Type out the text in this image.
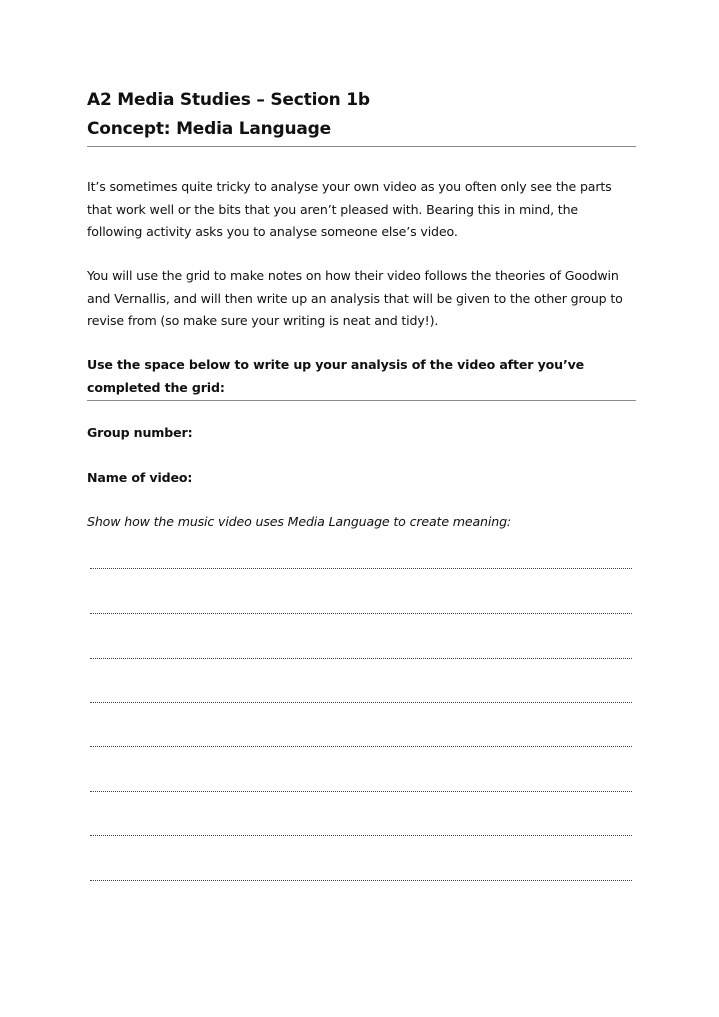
A2 Media Studies – Section 1b

Concept: Media Language

It’s sometimes quite tricky to analyse your own video as you often only see the parts that work well or the bits that you aren’t pleased with. Bearing this in mind, the following activity asks you to analyse someone else’s video.

You will use the grid to make notes on how their video follows the theories of Goodwin and Vernallis, and will then write up an analysis that will be given to the other group to revise from (so make sure your writing is neat and tidy!).

Use the space below to write up your analysis of the video after you’ve completed the grid:

Group number:

Name of video:

Show how the music video uses Media Language to create meaning:
